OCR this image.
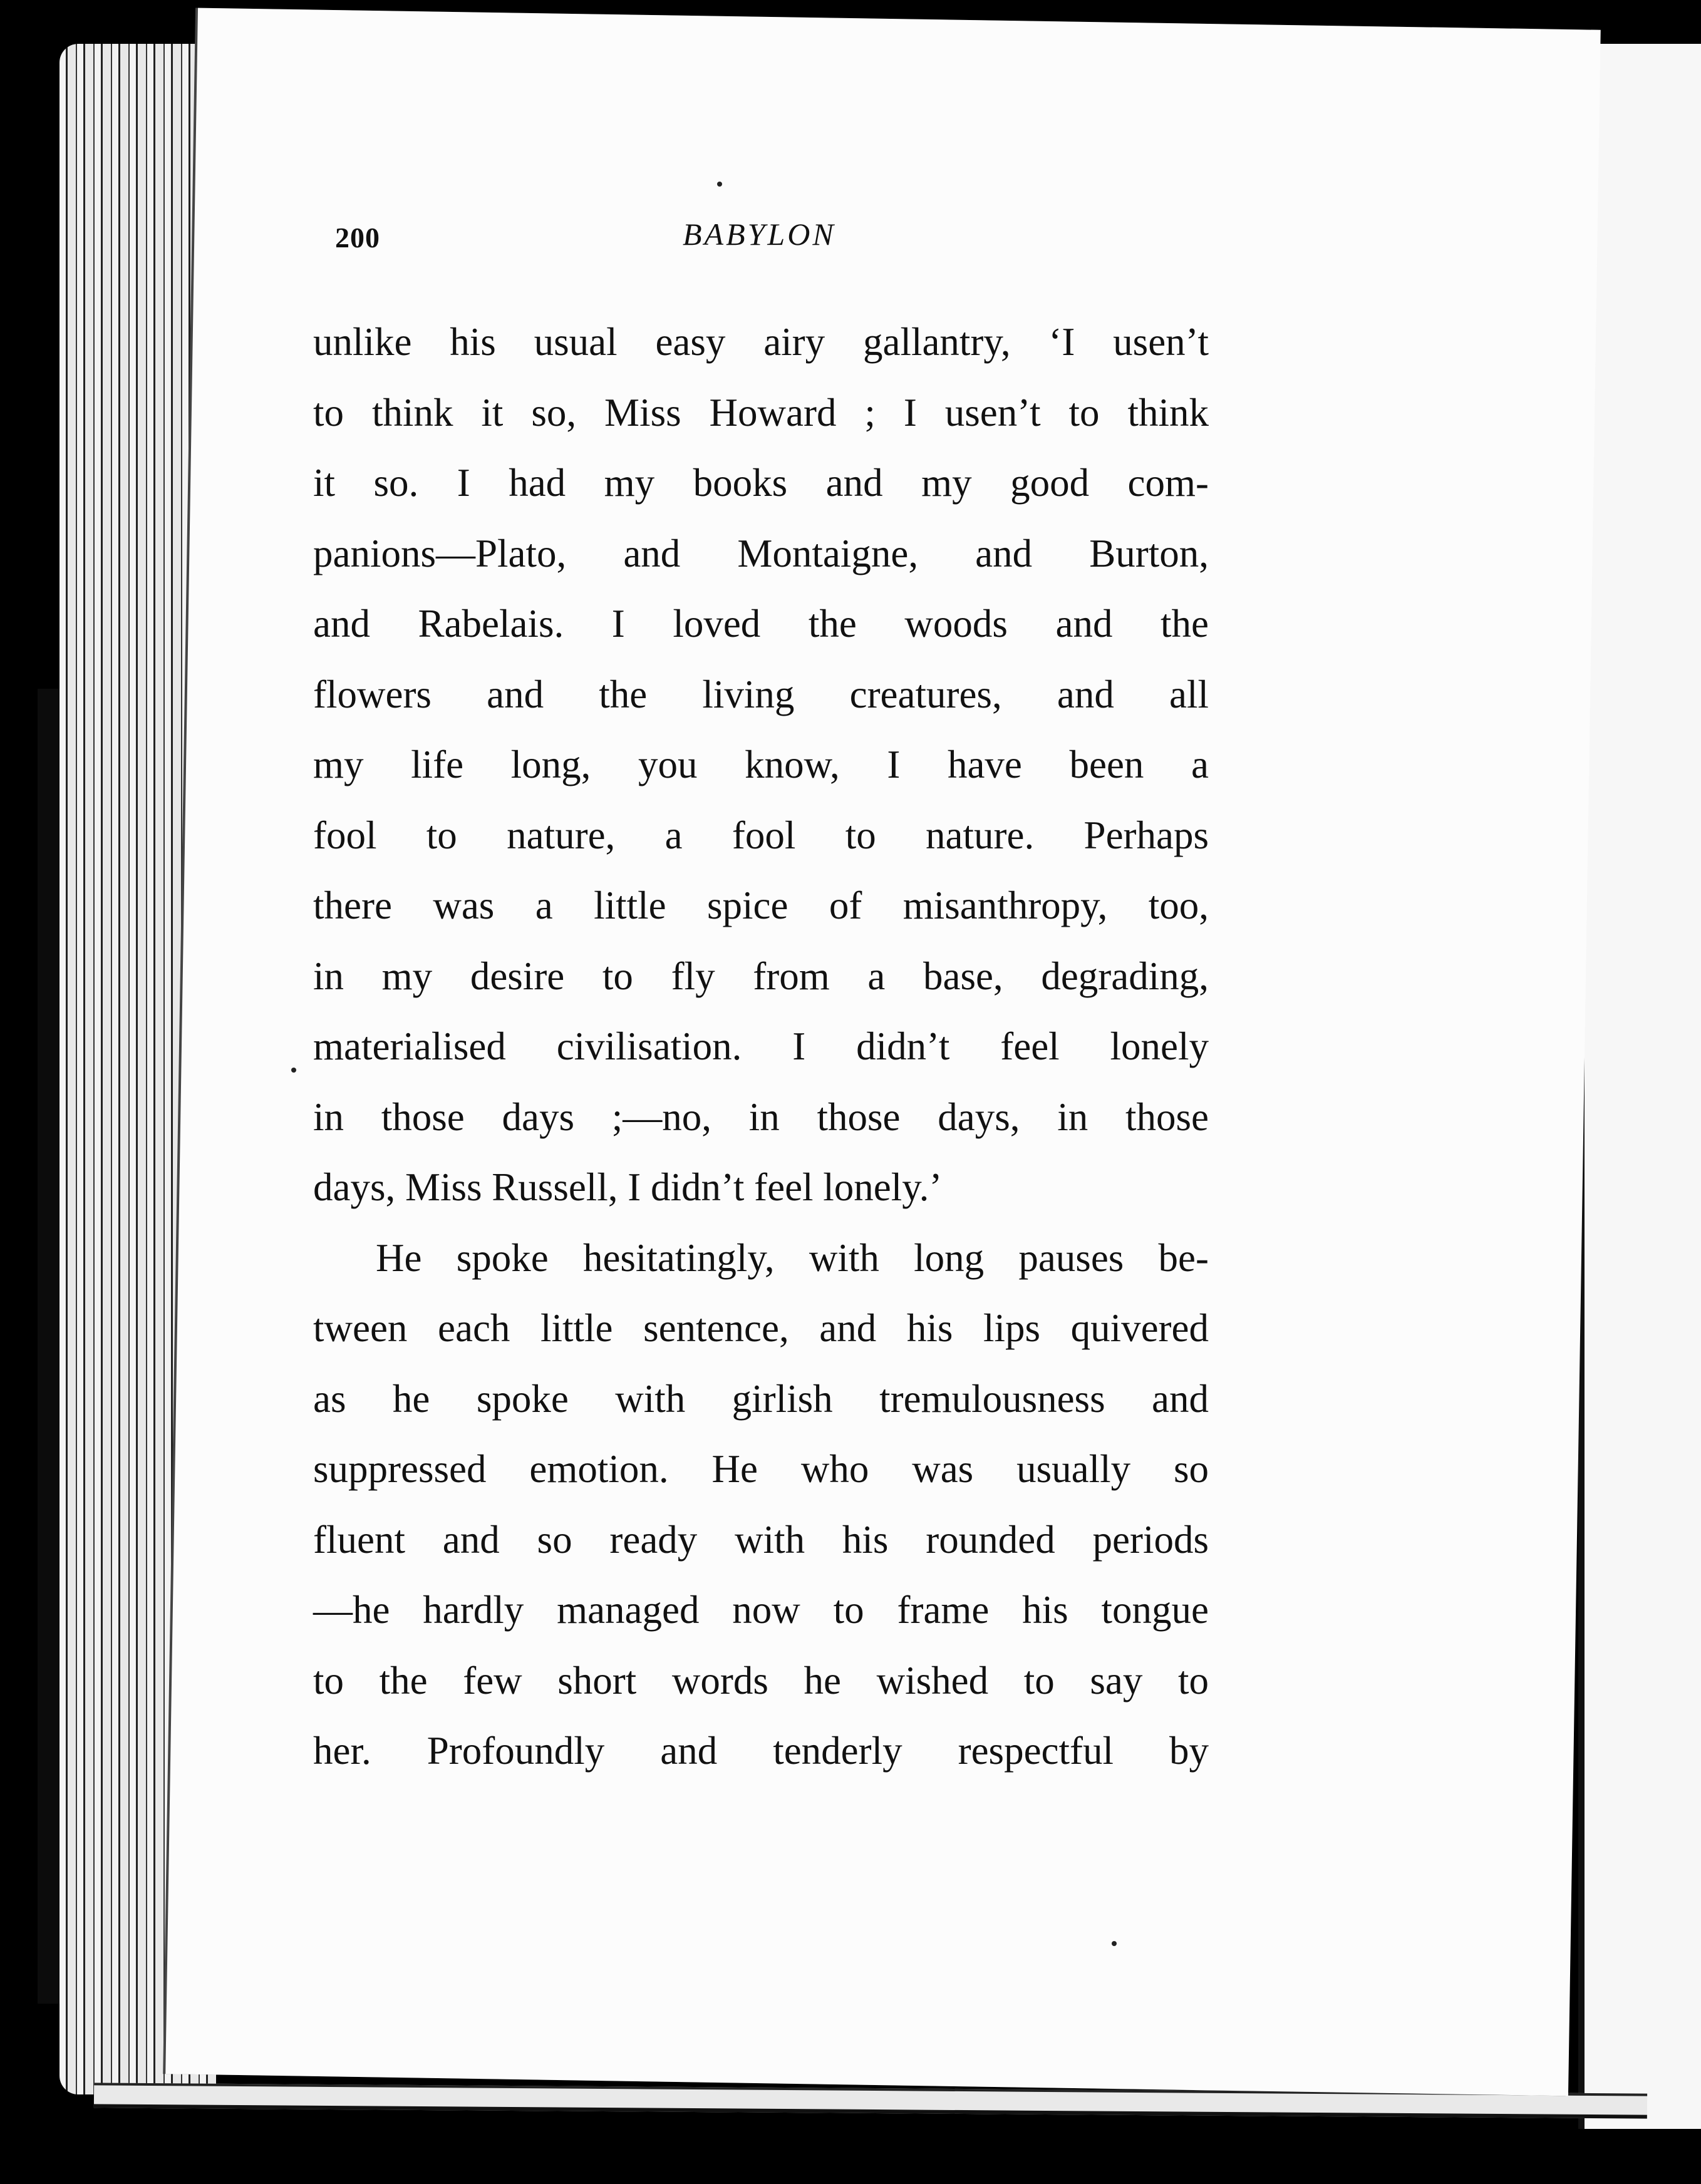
200	BABYLON
unlike his usual easy airy gallantry, ‘I usen’t
to think it so, Miss Howard ; I usen’t to think
it so. I had my books and my good com-
panions—Plato, and Montaigne, and Burton,
and Rabelais. I loved the woods and the
flowers and the living creatures, and all
my life long, you know, I have been a
fool to nature, a fool to nature. Perhaps
there was a little spice of misanthropy, too,
in my desire to fly from a base, degrading,
materialised civilisation. I didn’t feel lonely
in those days ;—no, in those days, in those
days, Miss Russell, I didn’t feel lonely.’
He spoke hesitatingly, with long pauses be-
tween each little sentence, and his lips quivered
as he spoke with girlish tremulousness and
suppressed emotion. He who was usually so
fluent and so ready with his rounded periods
—he hardly managed now to frame his tongue
to the few short words he wished to say to
her. Profoundly and tenderly respectful by
